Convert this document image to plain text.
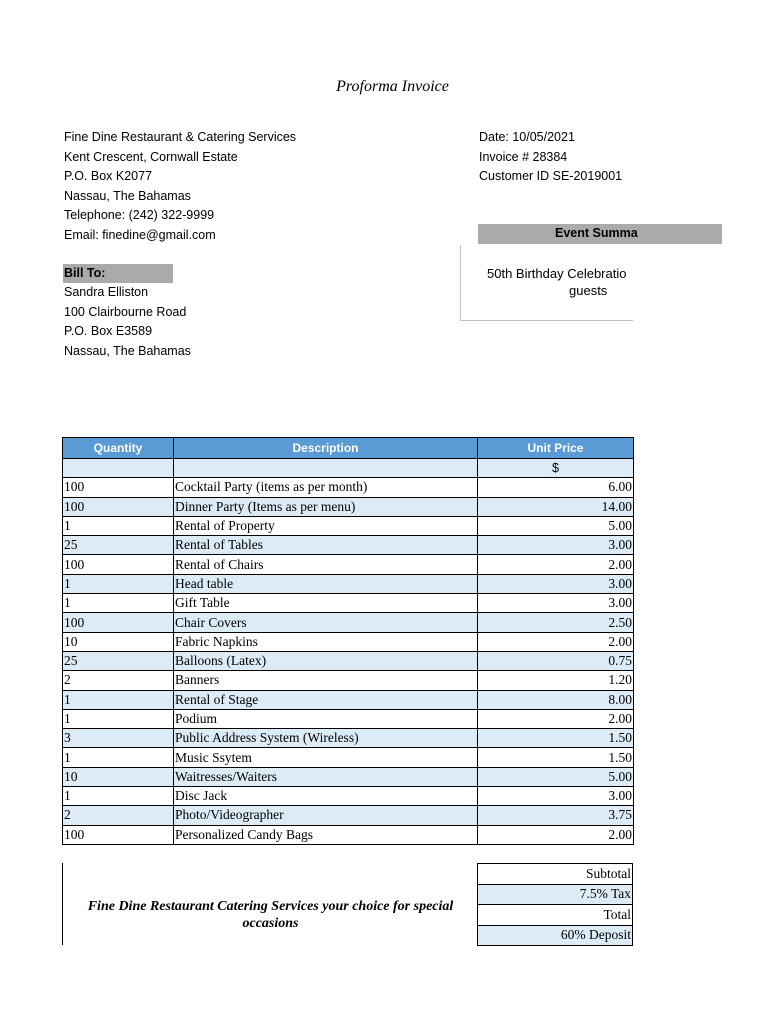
Proforma Invoice
Fine Dine Restaurant & Catering Services
Kent Crescent, Cornwall Estate
P.O. Box K2077
Nassau, The Bahamas
Telephone: (242) 322-9999
Email: finedine@gmail.com
Date: 10/05/2021
Invoice # 28384
Customer ID SE-2019001
Event Summa
50th Birthday Celebratio
guests
Bill To:
Sandra Elliston
100 Clairbourne Road
P.O. Box E3589
Nassau, The Bahamas
Quantity	Description	Unit Price
		$
100	Cocktail Party (items as per month)	6.00
100	Dinner Party (Items as per menu)	14.00
1	Rental of Property	5.00
25	Rental of Tables	3.00
100	Rental of Chairs	2.00
1	Head table	3.00
1	Gift Table	3.00
100	Chair Covers	2.50
10	Fabric Napkins	2.00
25	Balloons (Latex)	0.75
2	Banners	1.20
1	Rental of Stage	8.00
1	Podium	2.00
3	Public Address System (Wireless)	1.50
1	Music Ssytem	1.50
10	Waitresses/Waiters	5.00
1	Disc Jack	3.00
2	Photo/Videographer	3.75
100	Personalized Candy Bags	2.00
Fine Dine Restaurant Catering Services your choice for special occasions
Subtotal
7.5% Tax
Total
60% Deposit
